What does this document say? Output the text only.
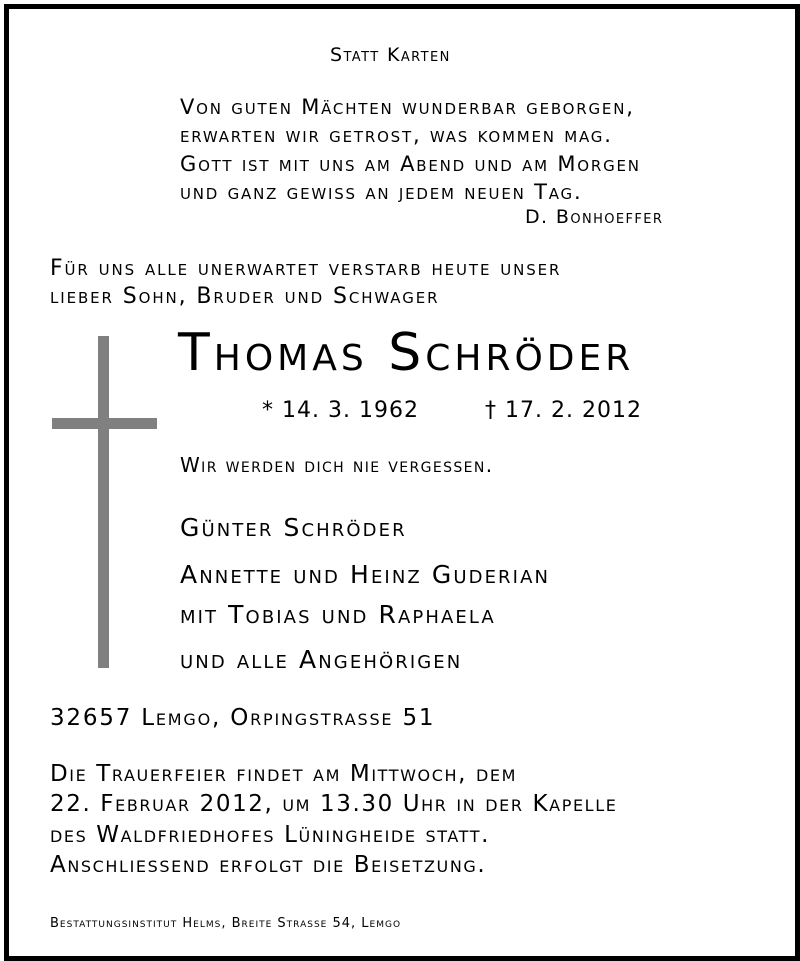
Statt Karten
Von guten Mächten wunderbar geborgen,
erwarten wir getrost, was kommen mag.
Gott ist mit uns am Abend und am Morgen
und ganz gewiss an jedem neuen Tag.
D. Bonhoeffer
Für uns alle unerwartet verstarb heute unser
lieber Sohn, Bruder und Schwager
Thomas Schröder
* 14. 3. 1962	† 17. 2. 2012
Wir werden dich nie vergessen.
Günter Schröder
Annette und Heinz Guderian
mit Tobias und Raphaela
und alle Angehörigen
32657 Lemgo, Orpingstrasse 51
Die Trauerfeier findet am Mittwoch, dem
22. Februar 2012, um 13.30 Uhr in der Kapelle
des Waldfriedhofes Lüningheide statt.
Anschliessend erfolgt die Beisetzung.
Bestattungsinstitut Helms, Breite Strasse 54, Lemgo
